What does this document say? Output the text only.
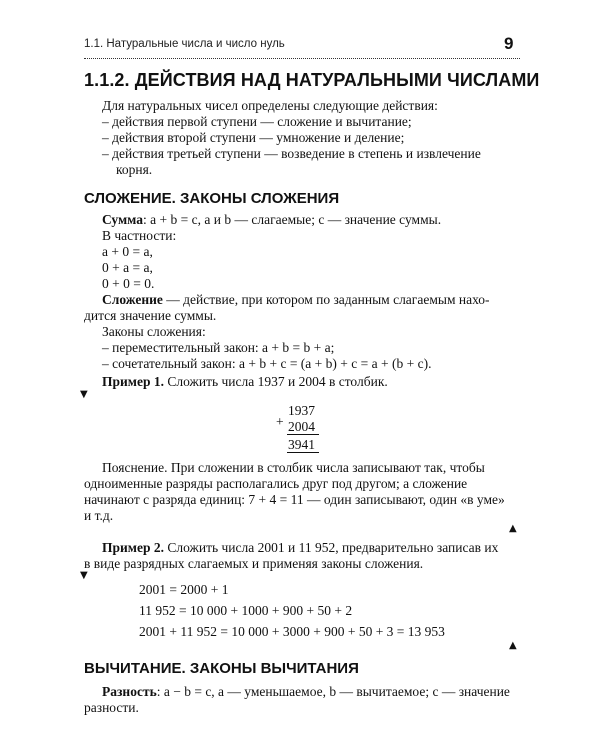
1.1. Натуральные числа и число нуль	9
1.1.2. ДЕЙСТВИЯ НАД НАТУРАЛЬНЫМИ ЧИСЛАМИ
Для натуральных чисел определены следующие действия:
– действия первой ступени — сложение и вычитание;
– действия второй ступени — умножение и деление;
– действия третьей ступени — возведение в степень и извлечение
корня.
СЛОЖЕНИЕ. ЗАКОНЫ СЛОЖЕНИЯ
Сумма: a + b = c, a и b — слагаемые; c — значение суммы.
В частности:
a + 0 = a,
0 + a = a,
0 + 0 = 0.
Сложение — действие, при котором по заданным слагаемым нахо-
дится значение суммы.
Законы сложения:
– переместительный закон: a + b = b + a;
– сочетательный закон: a + b + c = (a + b) + c = a + (b + c).
Пример 1. Сложить числа 1937 и 2004 в столбик.
▼
+
1937
2004
3941
Пояснение. При сложении в столбик числа записывают так, чтобы
одноименные разряды располагались друг под другом; а сложение
начинают с разряда единиц: 7 + 4 = 11 — один записывают, один «в уме»
и т.д.
▲
Пример 2. Сложить числа 2001 и 11 952, предварительно записав их
в виде разрядных слагаемых и применяя законы сложения.
▼
2001 = 2000 + 1
11 952 = 10 000 + 1000 + 900 + 50 + 2
2001 + 11 952 = 10 000 + 3000 + 900 + 50 + 3 = 13 953
▲
ВЫЧИТАНИЕ. ЗАКОНЫ ВЫЧИТАНИЯ
Разность: a − b = c, a — уменьшаемое, b — вычитаемое; c — значение
разности.
